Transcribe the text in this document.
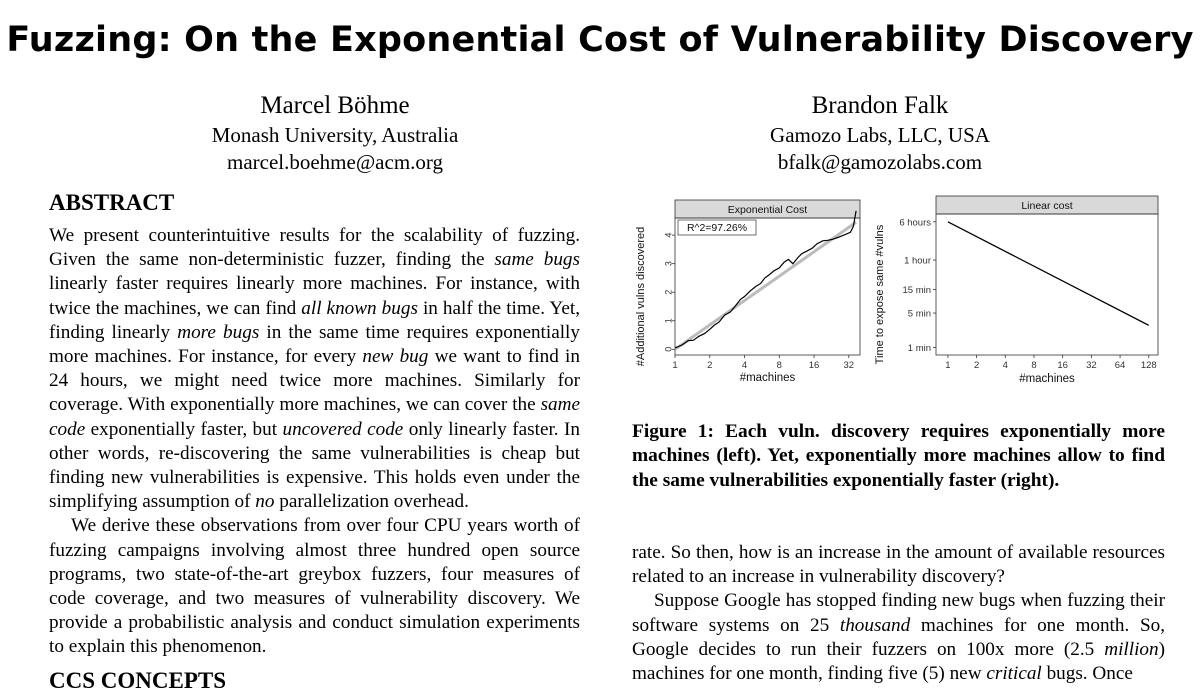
Fuzzing: On the Exponential Cost of Vulnerability Discovery
Marcel Böhme
Monash University, Australia
marcel.boehme@acm.org
Brandon Falk
Gamozo Labs, LLC, USA
bfalk@gamozolabs.com
ABSTRACT

We present counterintuitive results for the scalability of fuzzing. Given the same non-deterministic fuzzer, finding the same bugs linearly faster requires linearly more machines. For instance, with twice the machines, we can find all known bugs in half the time. Yet, finding linearly more bugs in the same time requires exponentially more machines. For instance, for every new bug we want to find in 24 hours, we might need twice more machines. Similarly for coverage. With exponentially more machines, we can cover the same code exponentially faster, but uncovered code only linearly faster. In other words, re-discovering the same vulnerabilities is cheap but finding new vulnerabilities is expensive. This holds even under the simplifying assumption of no parallelization overhead.

We derive these observations from over four CPU years worth of fuzzing campaigns involving almost three hundred open source programs, two state-of-the-art greybox fuzzers, four measures of code coverage, and two measures of vulnerability discovery. We provide a probabilistic analysis and conduct simulation experiments to explain this phenomenon.

CCS CONCEPTS
Exponential Cost
R^2=97.26%
0
1
2
3
4
1	2	4	8	16	32
#machines
#Additional vulns discovered
Linear cost
1 min
5 min
15 min
1 hour
6 hours
1 2 4 8 16 32 64 128
#machines
Time to expose same #vulns
Figure 1: Each vuln. discovery requires exponentially more machines (left). Yet, exponentially more machines allow to find the same vulnerabilities exponentially faster (right).

rate. So then, how is an increase in the amount of available resources related to an increase in vulnerability discovery?

Suppose Google has stopped finding new bugs when fuzzing their software systems on 25 thousand machines for one month. So, Google decides to run their fuzzers on 100x more (2.5 million) machines for one month, finding five (5) new critical bugs. Once
